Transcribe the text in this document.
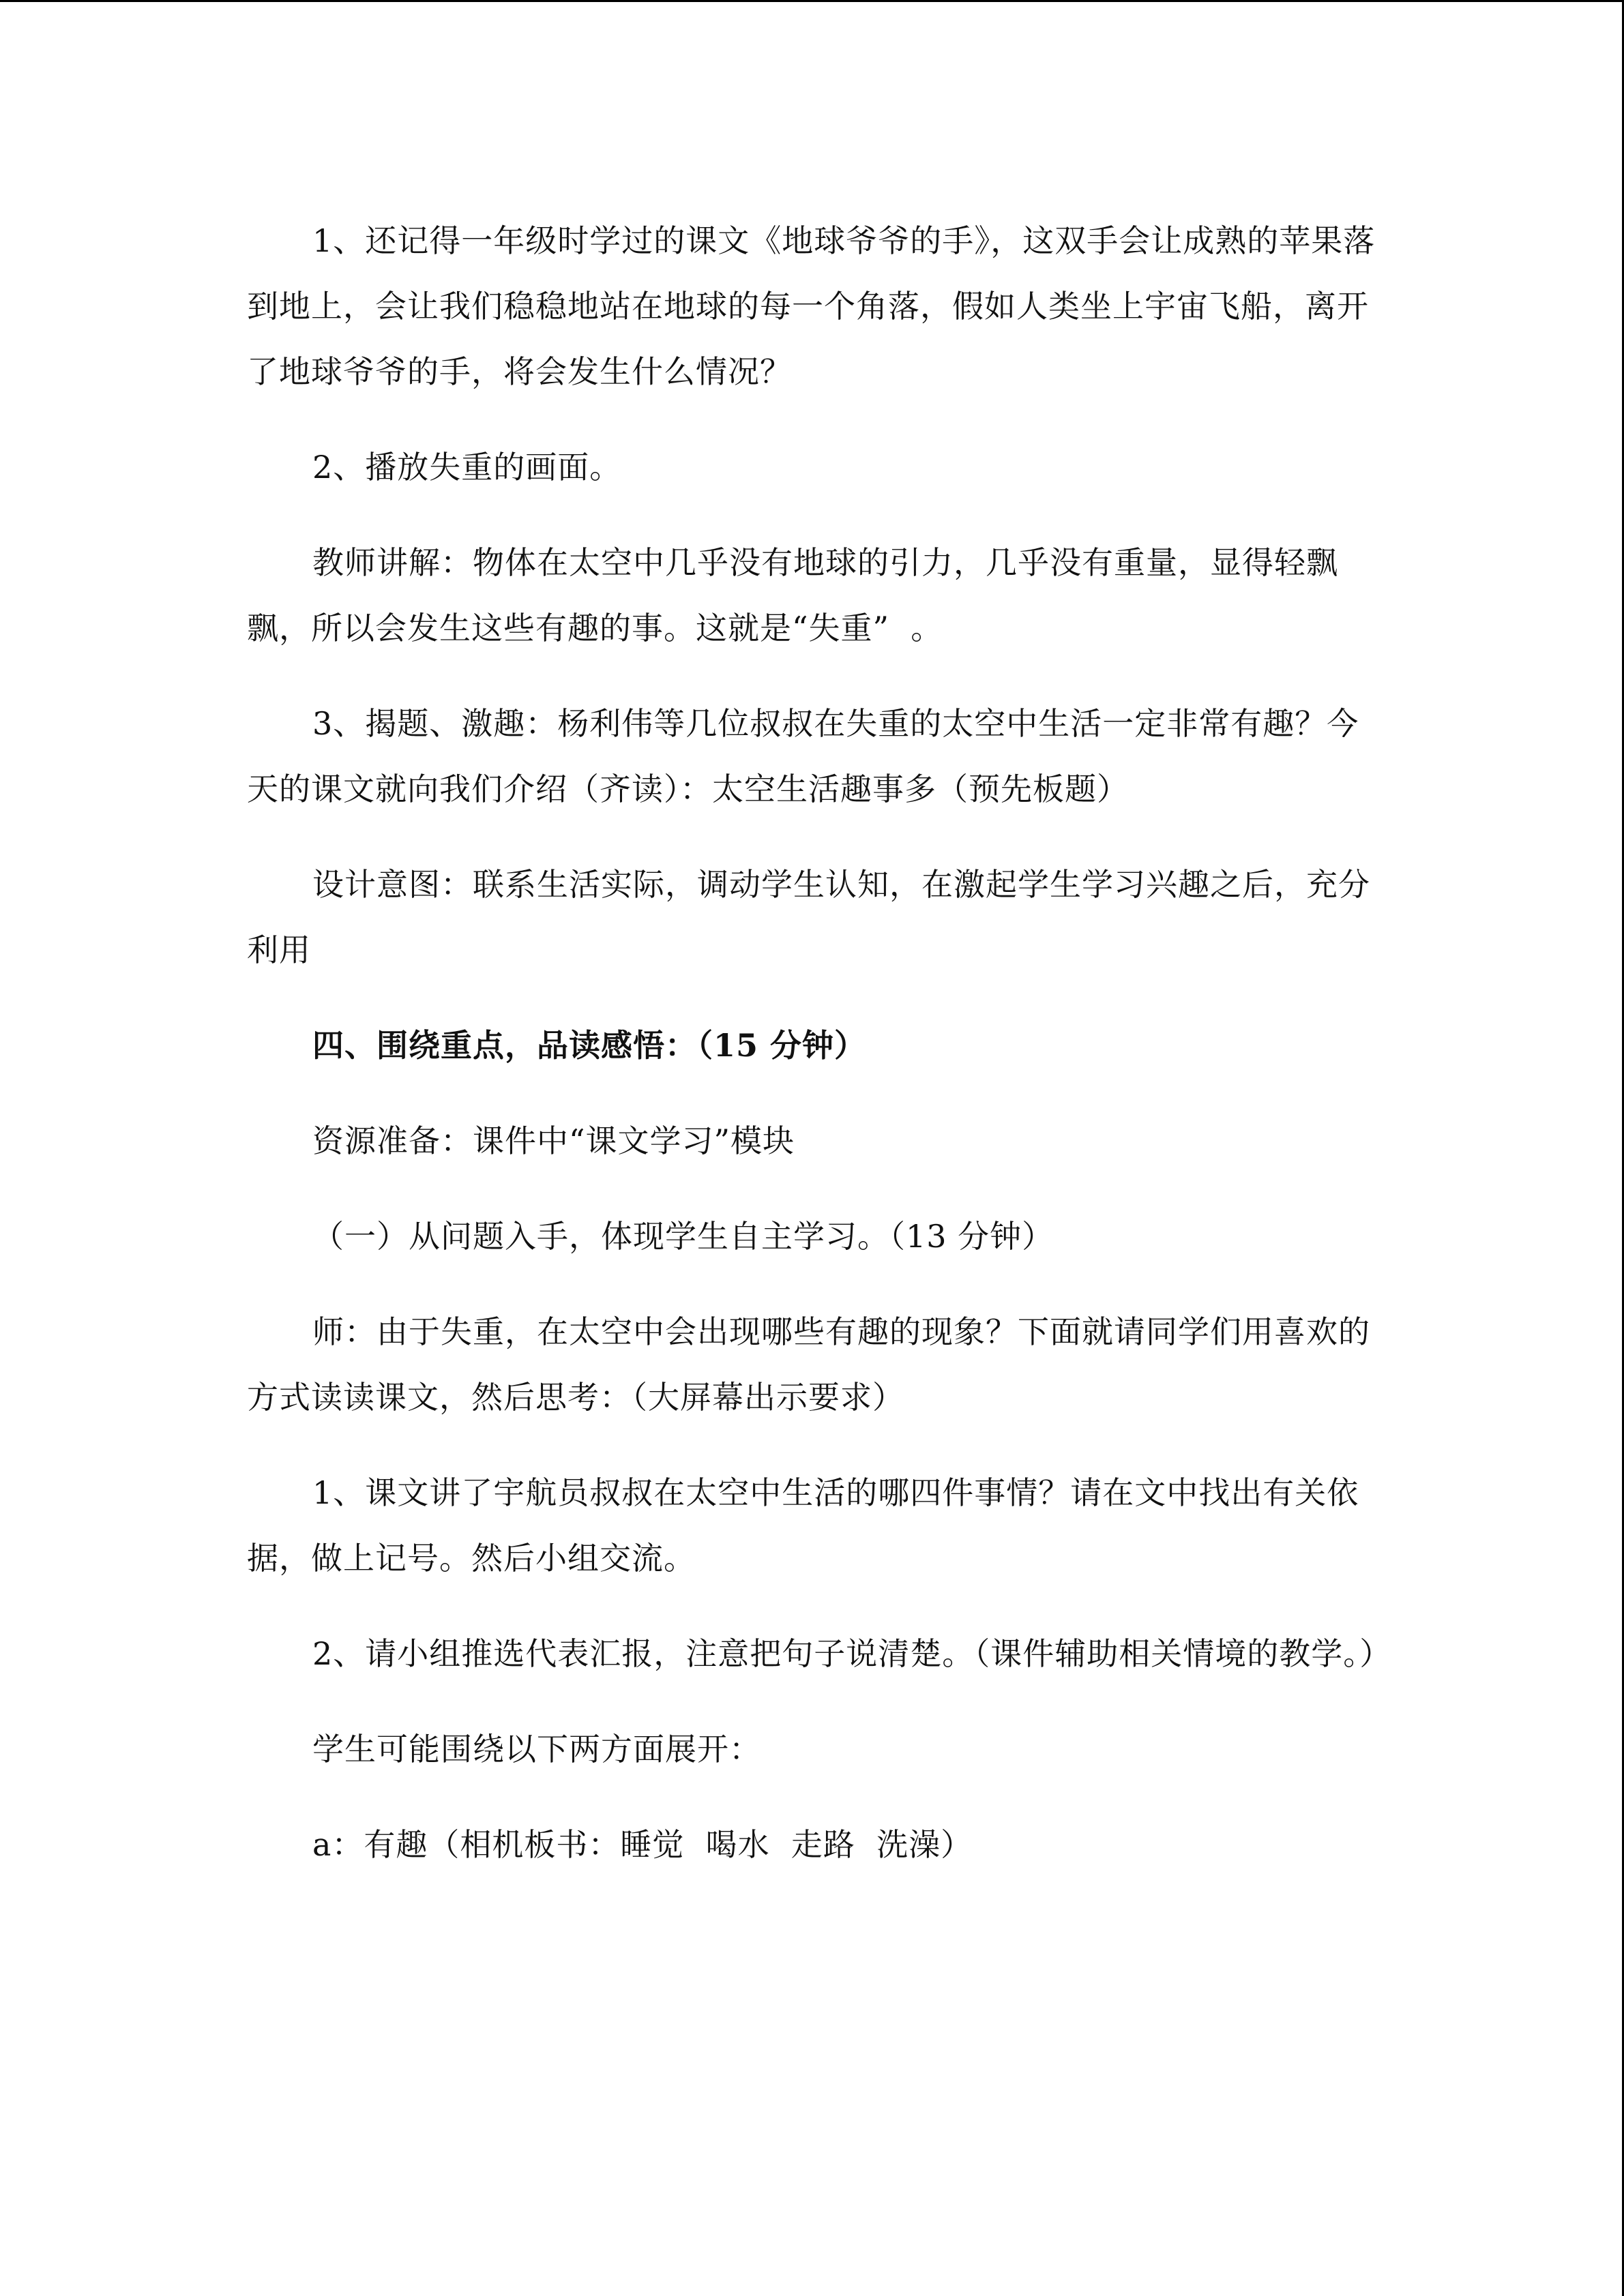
1、还记得一年级时学过的课文《地球爷爷的手》，这双手会让成熟的苹果落到地上，会让我们稳稳地站在地球的每一个角落，假如人类坐上宇宙飞船，离开了地球爷爷的手，将会发生什么情况？

2、播放失重的画面。

教师讲解：物体在太空中几乎没有地球的引力，几乎没有重量，显得轻飘飘，所以会发生这些有趣的事。这就是“失重”  。

3、揭题、激趣：杨利伟等几位叔叔在失重的太空中生活一定非常有趣？今天的课文就向我们介绍（齐读）：太空生活趣事多（预先板题）

设计意图：联系生活实际，调动学生认知，在激起学生学习兴趣之后，充分利用

四、围绕重点，品读感悟：（15 分钟）

资源准备：课件中“课文学习”模块

（一）从问题入手，体现学生自主学习。（13 分钟）

师：由于失重，在太空中会出现哪些有趣的现象？下面就请同学们用喜欢的方式读读课文，然后思考：（大屏幕出示要求）

1、课文讲了宇航员叔叔在太空中生活的哪四件事情？请在文中找出有关依据，做上记号。然后小组交流。

2、请小组推选代表汇报，注意把句子说清楚。（课件辅助相关情境的教学。）

学生可能围绕以下两方面展开：

a：有趣（相机板书：睡觉  喝水  走路  洗澡）
